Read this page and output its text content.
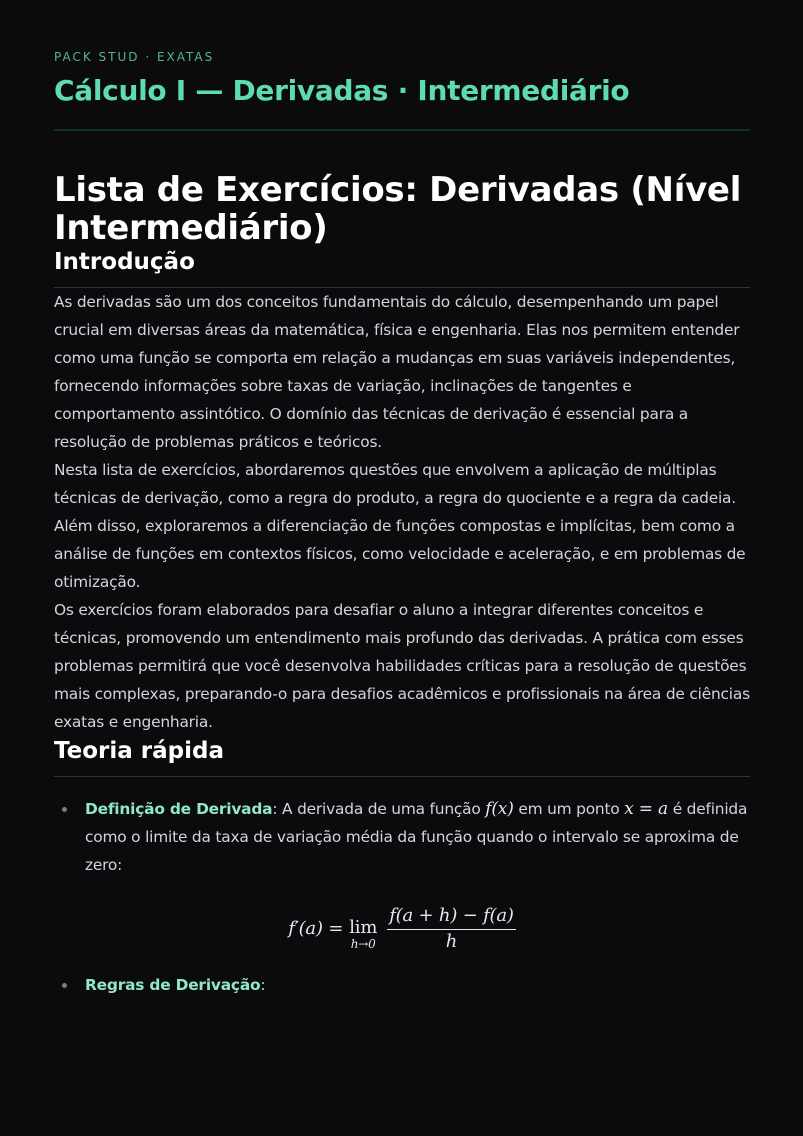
PACK STUD · EXATAS
Cálculo I — Derivadas · Intermediário
Lista de Exercícios: Derivadas (Nível Intermediário)
Introdução

As derivadas são um dos conceitos fundamentais do cálculo, desempenhando um papel crucial em diversas áreas da matemática, física e engenharia. Elas nos permitem entender como uma função se comporta em relação a mudanças em suas variáveis independentes, fornecendo informações sobre taxas de variação, inclinações de tangentes e comportamento assintótico. O domínio das técnicas de derivação é essencial para a resolução de problemas práticos e teóricos.

Nesta lista de exercícios, abordaremos questões que envolvem a aplicação de múltiplas técnicas de derivação, como a regra do produto, a regra do quociente e a regra da cadeia. Além disso, exploraremos a diferenciação de funções compostas e implícitas, bem como a análise de funções em contextos físicos, como velocidade e aceleração, e em problemas de otimização.

Os exercícios foram elaborados para desafiar o aluno a integrar diferentes conceitos e técnicas, promovendo um entendimento mais profundo das derivadas. A prática com esses problemas permitirá que você desenvolva habilidades críticas para a resolução de questões mais complexas, preparando-o para desafios acadêmicos e profissionais na área de ciências exatas e engenharia.

Teoria rápida
Definição de Derivada: A derivada de uma função f(x) em um ponto x = a é definida como o limite da taxa de variação média da função quando o intervalo se aproxima de zero:
f′(a) = lim
$h\to 0 \frac{f(a + h) - f(a)}{h}$
Regras de Derivação:
